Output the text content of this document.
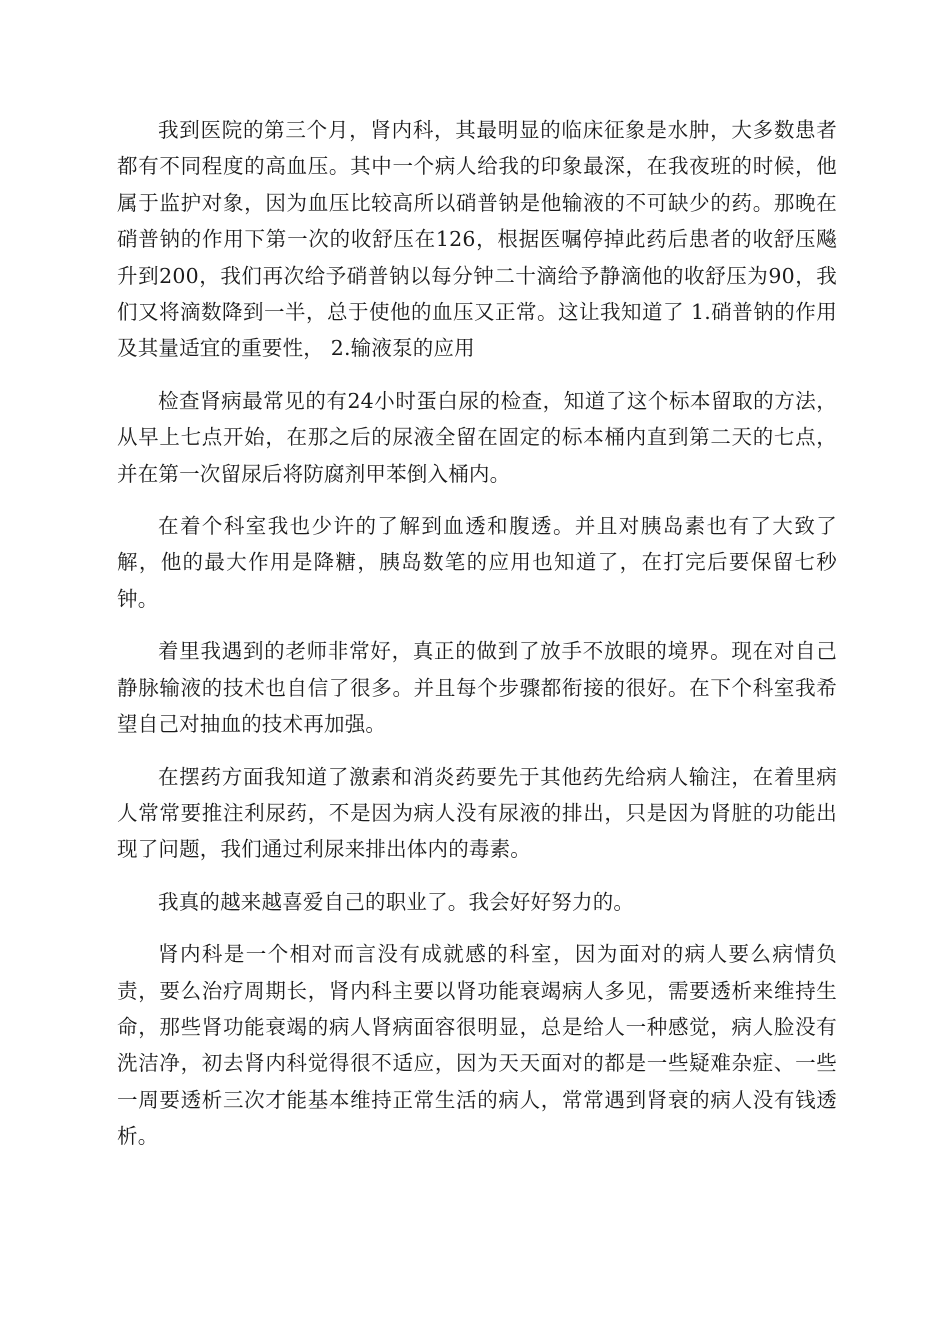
我到医院的第三个月，肾内科，其最明显的临床征象是水肿，大多数患者都有不同程度的高血压。其中一个病人给我的印象最深，在我夜班的时候，他属于监护对象，因为血压比较高所以硝普钠是他输液的不可缺少的药。那晚在硝普钠的作用下第一次的收舒压在126，根据医嘱停掉此药后患者的收舒压飚升到200，我们再次给予硝普钠以每分钟二十滴给予静滴他的收舒压为90，我们又将滴数降到一半，总于使他的血压又正常。这让我知道了 1.硝普钠的作用及其量适宜的重要性， 2.输液泵的应用

检查肾病最常见的有24小时蛋白尿的检查，知道了这个标本留取的方法，从早上七点开始，在那之后的尿液全留在固定的标本桶内直到第二天的七点，并在第一次留尿后将防腐剂甲苯倒入桶内。

在着个科室我也少许的了解到血透和腹透。并且对胰岛素也有了大致了解，他的最大作用是降糖，胰岛数笔的应用也知道了，在打完后要保留七秒钟。

着里我遇到的老师非常好，真正的做到了放手不放眼的境界。现在对自己静脉输液的技术也自信了很多。并且每个步骤都衔接的很好。在下个科室我希望自己对抽血的技术再加强。

在摆药方面我知道了激素和消炎药要先于其他药先给病人输注，在着里病人常常要推注利尿药，不是因为病人没有尿液的排出，只是因为肾脏的功能出现了问题，我们通过利尿来排出体内的毒素。

我真的越来越喜爱自己的职业了。我会好好努力的。

肾内科是一个相对而言没有成就感的科室，因为面对的病人要么病情负责，要么治疗周期长，肾内科主要以肾功能衰竭病人多见，需要透析来维持生命，那些肾功能衰竭的病人肾病面容很明显，总是给人一种感觉，病人脸没有洗洁净，初去肾内科觉得很不适应，因为天天面对的都是一些疑难杂症、一些一周要透析三次才能基本维持正常生活的病人，常常遇到肾衰的病人没有钱透析。
